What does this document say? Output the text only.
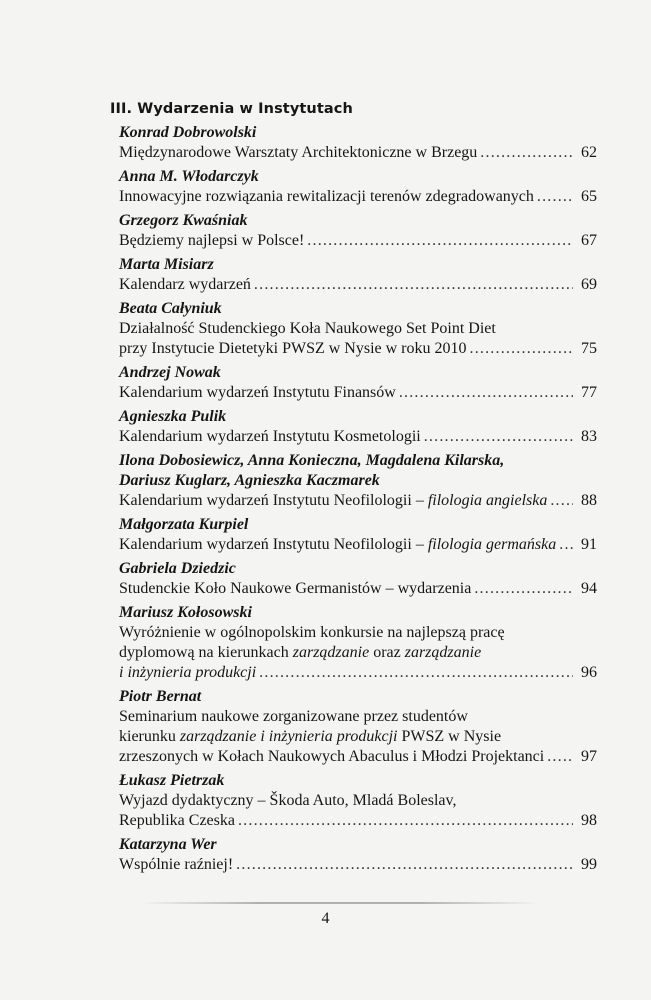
III. Wydarzenia w Instytutach
Konrad Dobrowolski
Międzynarodowe Warsztaty Architektoniczne w Brzegu .....	62
Anna M. Włodarczyk
Innowacyjne rozwiązania rewitalizacji terenów zdegradowanych .....	65
Grzegorz Kwaśniak
Będziemy najlepsi w Polsce! .....	67
Marta Misiarz
Kalendarz wydarzeń .....	69
Beata Całyniuk
Działalność Studenckiego Koła Naukowego Set Point Diet
przy Instytucie Dietetyki PWSZ w Nysie w roku 2010 .....	75
Andrzej Nowak
Kalendarium wydarzeń Instytutu Finansów .....	77
Agnieszka Pulik
Kalendarium wydarzeń Instytutu Kosmetologii .....	83
Ilona Dobosiewicz, Anna Konieczna, Magdalena Kilarska,
Dariusz Kuglarz, Agnieszka Kaczmarek
Kalendarium wydarzeń Instytutu Neofilologii – filologia angielska ..... 88
Małgorzata Kurpiel
Kalendarium wydarzeń Instytutu Neofilologii – filologia germańska ..... 91
Gabriela Dziedzic
Studenckie Koło Naukowe Germanistów – wydarzenia .....	94
Mariusz Kołosowski
Wyróżnienie w ogólnopolskim konkursie na najlepszą pracę
dyplomową na kierunkach zarządzanie oraz zarządzanie
i inżynieria produkcji .....	96
Piotr Bernat
Seminarium naukowe zorganizowane przez studentów
kierunku zarządzanie i inżynieria produkcji PWSZ w Nysie
zrzeszonych w Kołach Naukowych Abaculus i Młodzi Projektanci ..... 97
Łukasz Pietrzak
Wyjazd dydaktyczny – Škoda Auto, Mladá Boleslav,
Republika Czeska .....	98
Katarzyna Wer
Wspólnie raźniej! .....	99
4
